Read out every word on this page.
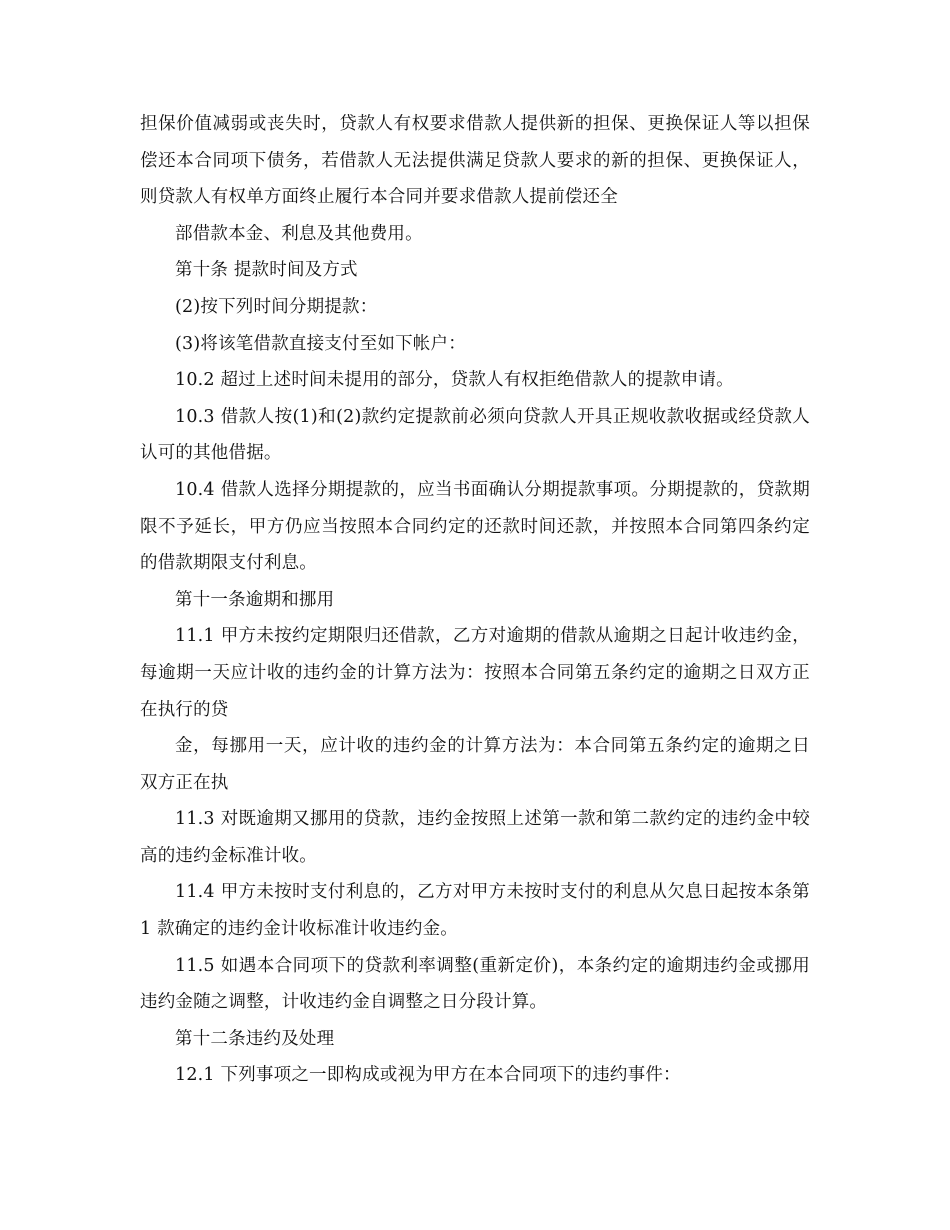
担保价值减弱或丧失时，贷款人有权要求借款人提供新的担保、更换保证人等以担保偿还本合同项下债务，若借款人无法提供满足贷款人要求的新的担保、更换保证人，则贷款人有权单方面终止履行本合同并要求借款人提前偿还全

部借款本金、利息及其他费用。

第十条 提款时间及方式

(2)按下列时间分期提款：

(3)将该笔借款直接支付至如下帐户：

10.2 超过上述时间未提用的部分，贷款人有权拒绝借款人的提款申请。

10.3 借款人按(1)和(2)款约定提款前必须向贷款人开具正规收款收据或经贷款人认可的其他借据。

10.4 借款人选择分期提款的，应当书面确认分期提款事项。分期提款的，贷款期限不予延长，甲方仍应当按照本合同约定的还款时间还款，并按照本合同第四条约定的借款期限支付利息。

第十一条逾期和挪用

11.1 甲方未按约定期限归还借款，乙方对逾期的借款从逾期之日起计收违约金，每逾期一天应计收的违约金的计算方法为：按照本合同第五条约定的逾期之日双方正在执行的贷

金，每挪用一天，应计收的违约金的计算方法为：本合同第五条约定的逾期之日双方正在执

11.3 对既逾期又挪用的贷款，违约金按照上述第一款和第二款约定的违约金中较高的违约金标准计收。

11.4 甲方未按时支付利息的，乙方对甲方未按时支付的利息从欠息日起按本条第 1 款确定的违约金计收标准计收违约金。

11.5 如遇本合同项下的贷款利率调整(重新定价)，本条约定的逾期违约金或挪用违约金随之调整，计收违约金自调整之日分段计算。

第十二条违约及处理

12.1 下列事项之一即构成或视为甲方在本合同项下的违约事件：
